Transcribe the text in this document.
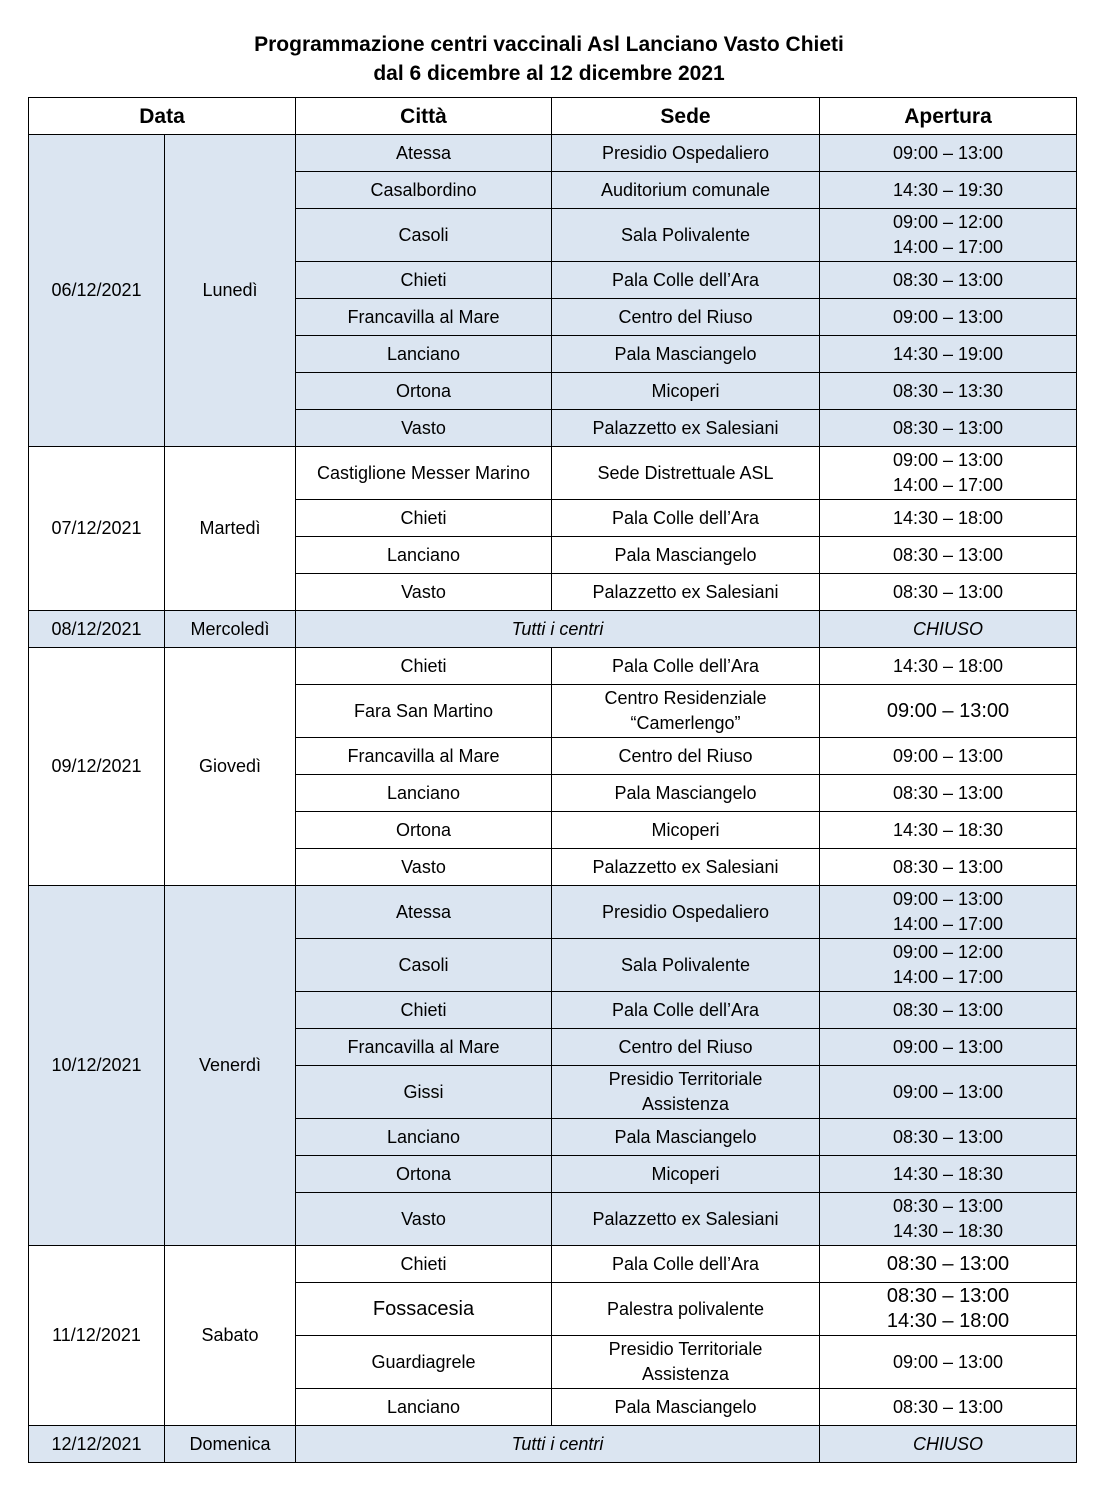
Programmazione centri vaccinali Asl Lanciano Vasto Chieti
dal 6 dicembre al 12 dicembre 2021
Data		Città	Sede	Apertura
06/12/2021	Lunedì	Atessa	Presidio Ospedaliero	09:00 – 13:00
		Casalbordino	Auditorium comunale	14:30 – 19:30
		Casoli	Sala Polivalente	09:00 – 12:00
14:00 – 17:00
		Chieti	Pala Colle dell’Ara	08:30 – 13:00
		Francavilla al Mare	Centro del Riuso	09:00 – 13:00
		Lanciano	Pala Masciangelo	14:30 – 19:00
		Ortona	Micoperi	08:30 – 13:30
		Vasto	Palazzetto ex Salesiani	08:30 – 13:00
07/12/2021	Martedì	Castiglione Messer Marino	Sede Distrettuale ASL	09:00 – 13:00
14:00 – 17:00
		Chieti	Pala Colle dell’Ara	14:30 – 18:00
		Lanciano	Pala Masciangelo	08:30 – 13:00
		Vasto	Palazzetto ex Salesiani	08:30 – 13:00
08/12/2021	Mercoledì	Tutti i centri		CHIUSO
09/12/2021	Giovedì	Chieti	Pala Colle dell’Ara	14:30 – 18:00
		Fara San Martino	Centro Residenziale
“Camerlengo”	09:00 – 13:00
		Francavilla al Mare	Centro del Riuso	09:00 – 13:00
		Lanciano	Pala Masciangelo	08:30 – 13:00
		Ortona	Micoperi	14:30 – 18:30
		Vasto	Palazzetto ex Salesiani	08:30 – 13:00
10/12/2021	Venerdì	Atessa	Presidio Ospedaliero	09:00 – 13:00
14:00 – 17:00
		Casoli	Sala Polivalente	09:00 – 12:00
14:00 – 17:00
		Chieti	Pala Colle dell’Ara	08:30 – 13:00
		Francavilla al Mare	Centro del Riuso	09:00 – 13:00
		Gissi	Presidio Territoriale
Assistenza	09:00 – 13:00
		Lanciano	Pala Masciangelo	08:30 – 13:00
		Ortona	Micoperi	14:30 – 18:30
		Vasto	Palazzetto ex Salesiani	08:30 – 13:00
14:30 – 18:30
11/12/2021	Sabato	Chieti	Pala Colle dell’Ara	08:30 – 13:00
		Fossacesia	Palestra polivalente	08:30 – 13:00
14:30 – 18:00
		Guardiagrele	Presidio Territoriale
Assistenza	09:00 – 13:00
		Lanciano	Pala Masciangelo	08:30 – 13:00
12/12/2021	Domenica	Tutti i centri		CHIUSO
